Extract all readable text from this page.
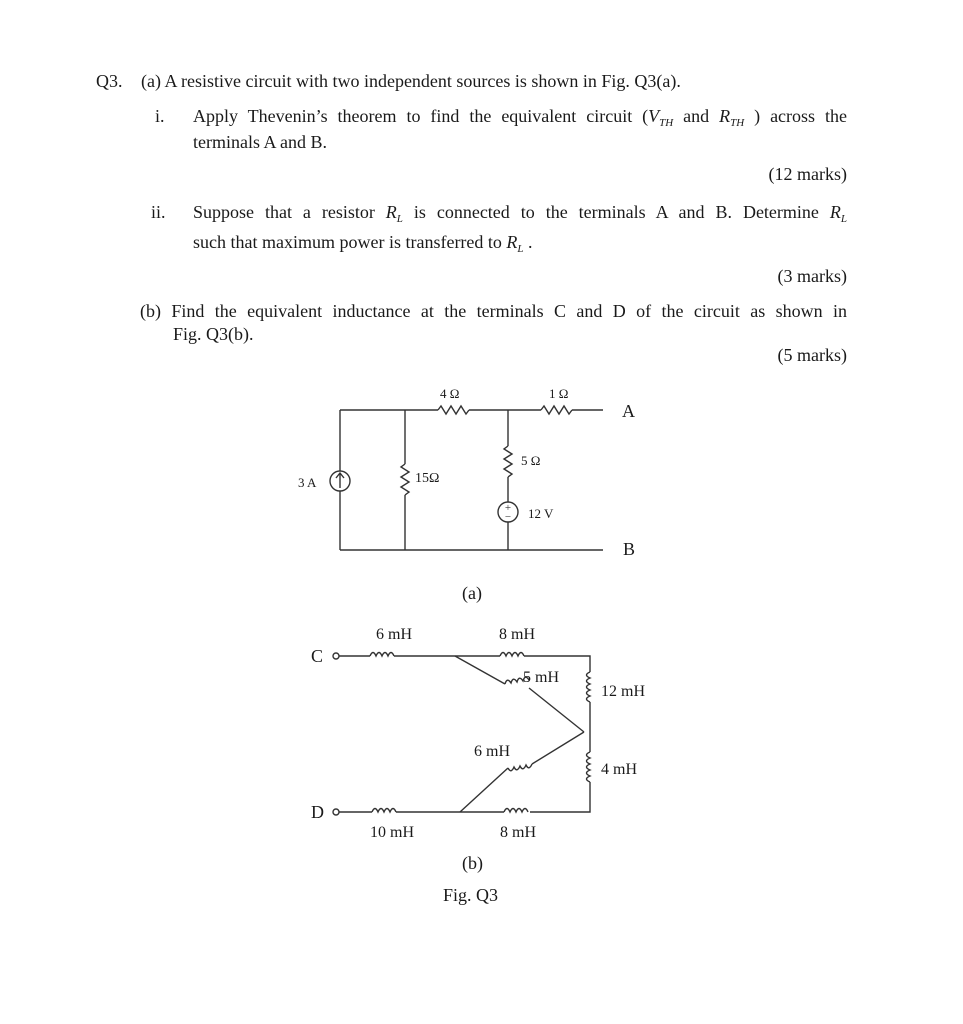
Q3. (a) A resistive circuit with two independent sources is shown in Fig. Q3(a).
i. Apply Thevenin’s theorem to find the equivalent circuit ($V_{TH}$ and $R_{TH}$ ) across the
terminals A and B.
(12 marks)
ii. Suppose that a resistor $R_L$ is connected to the terminals A and B. Determine $R_L$
such that maximum power is transferred to $R_L$ .
(3 marks)
(b) Find the equivalent inductance at the terminals C and D of the circuit as shown in
Fig. Q3(b).
(5 marks)
+
−
4 Ω	1 Ω
5 Ω
15Ω
3 A
12 V
A
B
(a)
6 mH	8 mH
5 mH
12 mH
6 mH
4 mH
10 mH	8 mH
C
D
(b)
Fig. Q3
